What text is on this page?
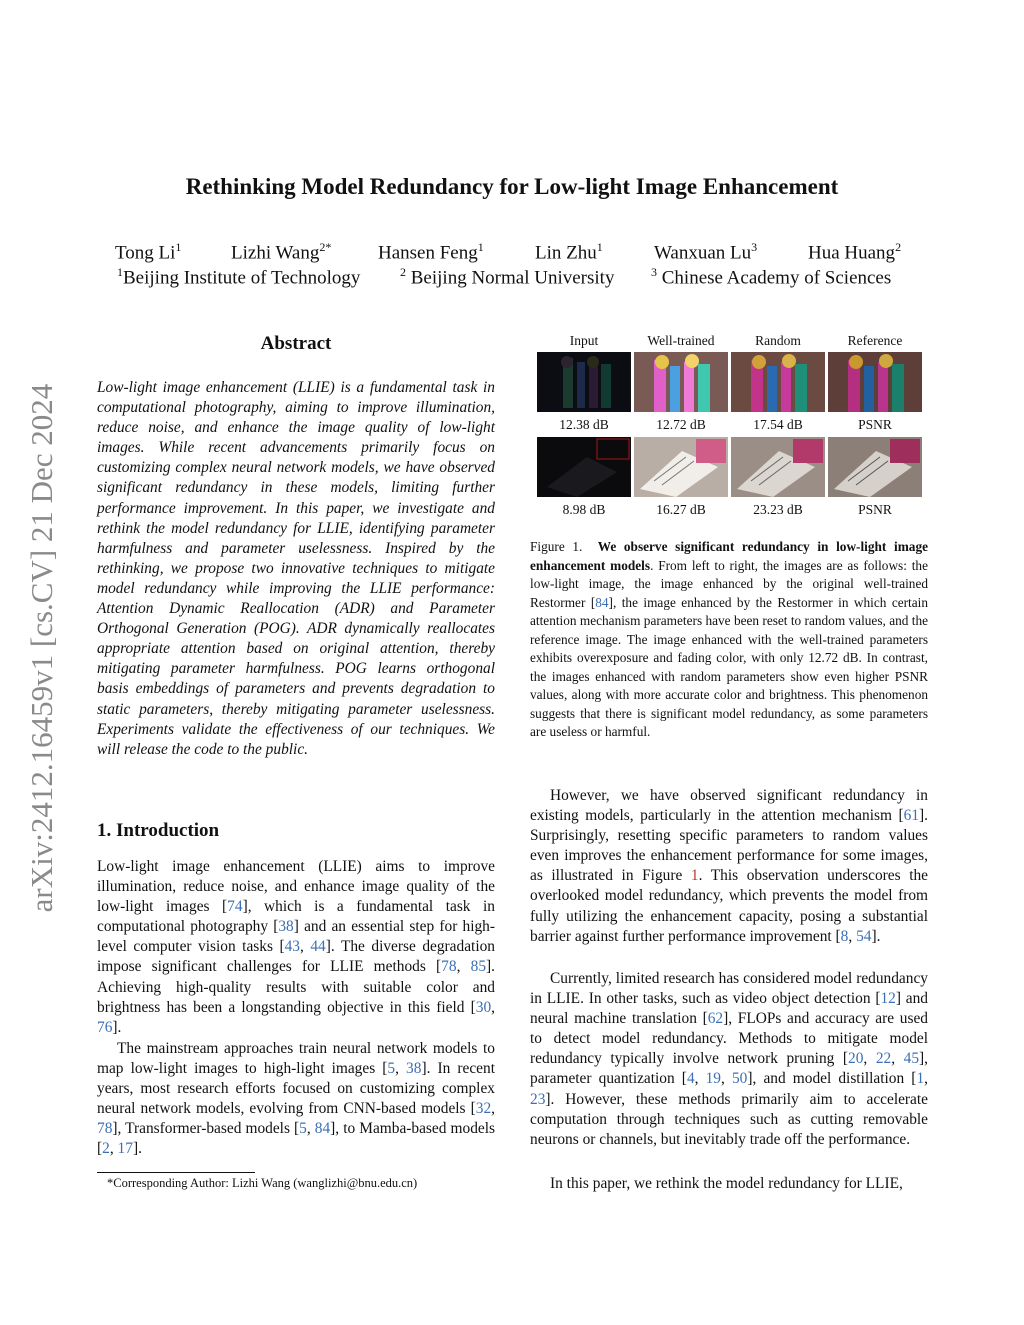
arXiv:2412.16459v1 [cs.CV] 21 Dec 2024
Rethinking Model Redundancy for Low-light Image Enhancement
Tong Li$^1$	Lizhi Wang$^{2*}$ Hansen Feng$^1$	Lin Zhu$^1$	Wanxuan Lu$^3$	Hua Huang$^2$
$^1$Beijing Institute of Technology	$^2$ Beijing Normal University	$^3$ Chinese Academy of Sciences
Abstract

Low-light image enhancement (LLIE) is a fundamental task in computational photography, aiming to improve illumination, reduce noise, and enhance the image quality of low-light images. While recent advancements primarily focus on customizing complex neural network models, we have observed significant redundancy in these models, limiting further performance improvement. In this paper, we investigate and rethink the model redundancy for LLIE, identifying parameter harmfulness and parameter uselessness. Inspired by the rethinking, we propose two innovative techniques to mitigate model redundancy while improving the LLIE performance: Attention Dynamic Reallocation (ADR) and Parameter Orthogonal Generation (POG). ADR dynamically reallocates appropriate attention based on original attention, thereby mitigating parameter harmfulness. POG learns orthogonal basis embeddings of parameters and prevents degradation to static parameters, thereby mitigating parameter uselessness. Experiments validate the effectiveness of our techniques. We will release the code to the public.

1. Introduction

Low-light image enhancement (LLIE) aims to improve illumination, reduce noise, and enhance image quality of the low-light images [74], which is a fundamental task in computational photography [38] and an essential step for high-level computer vision tasks [43, 44]. The diverse degradation impose significant challenges for LLIE methods [78, 85]. Achieving high-quality results with suitable color and brightness has been a longstanding objective in this field [30, 76].

The mainstream approaches train neural network models to map low-light images to high-light images [5, 38]. In recent years, most research efforts focused on customizing complex neural network models, evolving from CNN-based models [32, 78], Transformer-based models [5, 84], to Mamba-based models [2, 17].

*Corresponding Author: Lizhi Wang (wanglizhi@bnu.edu.cn)
Input	Well-trained	Random	Reference
12.38 dB	12.72 dB	17.54 dB	PSNR
8.98 dB	16.27 dB	23.23 dB	PSNR

Figure 1. We observe significant redundancy in low-light image enhancement models. From left to right, the images are as follows: the low-light image, the image enhanced by the original well-trained Restormer [84], the image enhanced by the Restormer in which certain attention mechanism parameters have been reset to random values, and the reference image. The image enhanced with the well-trained parameters exhibits overexposure and fading color, with only 12.72 dB. In contrast, the images enhanced with random parameters show even higher PSNR values, along with more accurate color and brightness. This phenomenon suggests that there is significant model redundancy, as some parameters are useless or harmful.

However, we have observed significant redundancy in existing models, particularly in the attention mechanism [61]. Surprisingly, resetting specific parameters to random values even improves the enhancement performance for some images, as illustrated in Figure 1. This observation underscores the overlooked model redundancy, which prevents the model from fully utilizing the enhancement capacity, posing a substantial barrier against further performance improvement [8, 54].

Currently, limited research has considered model redundancy in LLIE. In other tasks, such as video object detection [12] and neural machine translation [62], FLOPs and accuracy are used to detect model redundancy. Methods to mitigate model redundancy typically involve network pruning [20, 22, 45], parameter quantization [4, 19, 50], and model distillation [1, 23]. However, these methods primarily aim to accelerate computation through techniques such as cutting removable neurons or channels, but inevitably trade off the performance.

In this paper, we rethink the model redundancy for LLIE,
